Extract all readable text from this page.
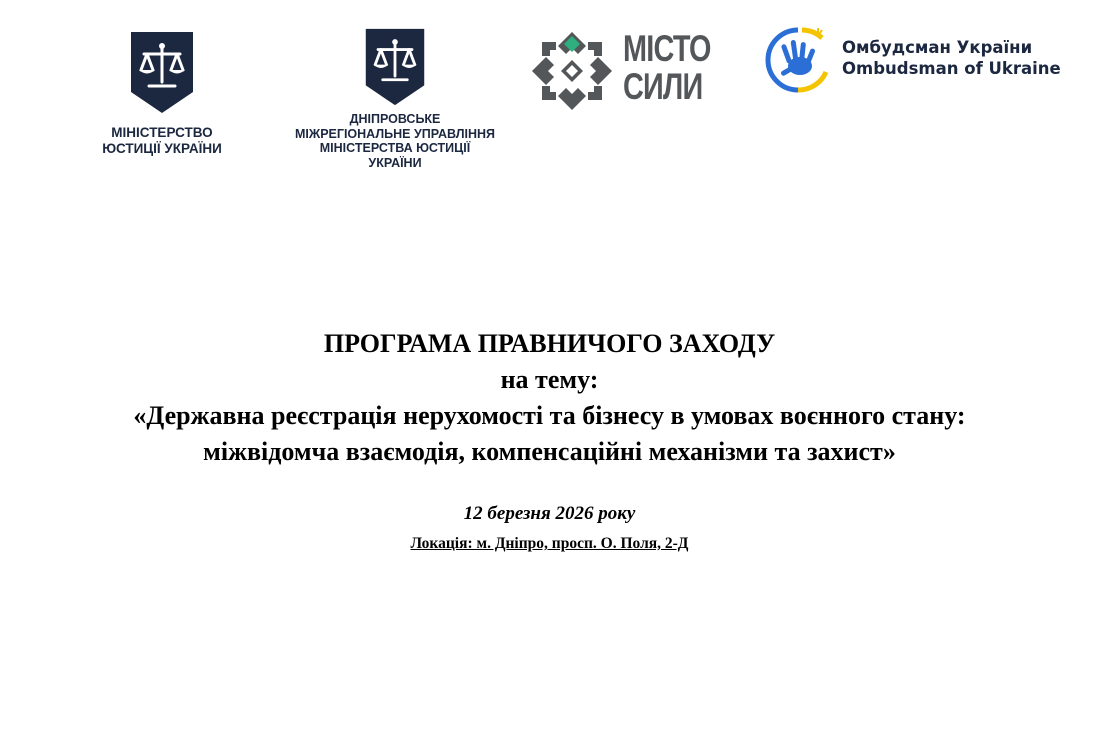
МІНІСТЕРСТВО
ЮСТИЦІЇ УКРАЇНИ
ДНІПРОВСЬКЕ
МІЖРЕГІОНАЛЬНЕ УПРАВЛІННЯ
МІНІСТЕРСТВА ЮСТИЦІЇ
УКРАЇНИ
МІСТО
СИЛИ
Омбудсман України
Ombudsman of Ukraine
ПРОГРАМА ПРАВНИЧОГО ЗАХОДУ
на тему:
«Державна реєстрація нерухомості та бізнесу в умовах воєнного стану:
міжвідомча взаємодія, компенсаційні механізми та захист»
12 березня 2026 року
Локація: м. Дніпро, просп. О. Поля, 2-Д
